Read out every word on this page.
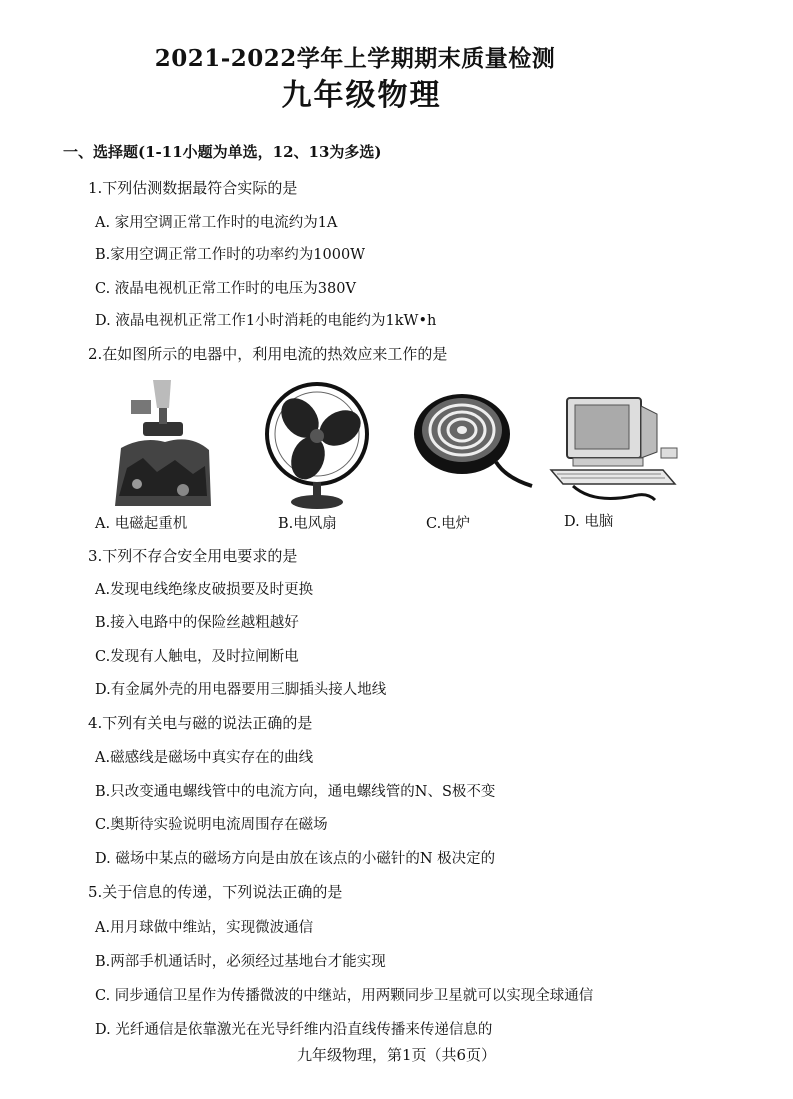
2021-2022学年上学期期末质量检测
九年级物理
一、选择题(1-11小题为单选，12、13为多选)
1.下列估测数据最符合实际的是
A. 家用空调正常工作时的电流约为1A
B.家用空调正常工作时的功率约为1000W
C. 液晶电视机正常工作时的电压为380V
D. 液晶电视机正常工作1小时消耗的电能约为1kW•h
2.在如图所示的电器中，利用电流的热效应来工作的是
A. 电磁起重机	B.电风扇	C.电炉	D. 电脑
3.下列不存合安全用电要求的是
A.发现电线绝缘皮破损要及时更换
B.接入电路中的保险丝越粗越好
C.发现有人触电，及时拉闸断电
D.有金属外壳的用电器要用三脚插头接人地线
4.下列有关电与磁的说法正确的是
A.磁感线是磁场中真实存在的曲线
B.只改变通电螺线管中的电流方向，通电螺线管的N、S极不变
C.奥斯待实验说明电流周围存在磁场
D. 磁场中某点的磁场方向是由放在该点的小磁针的N 极决定的
5.关于信息的传递，下列说法正确的是
A.用月球做中维站，实现微波通信
B.两部手机通话时，必须经过基地台才能实现
C. 同步通信卫星作为传播微波的中继站，用两颗同步卫星就可以实现全球通信
D. 光纤通信是依靠激光在光导纤维内沿直线传播来传递信息的
九年级物理，第1页（共6页）
